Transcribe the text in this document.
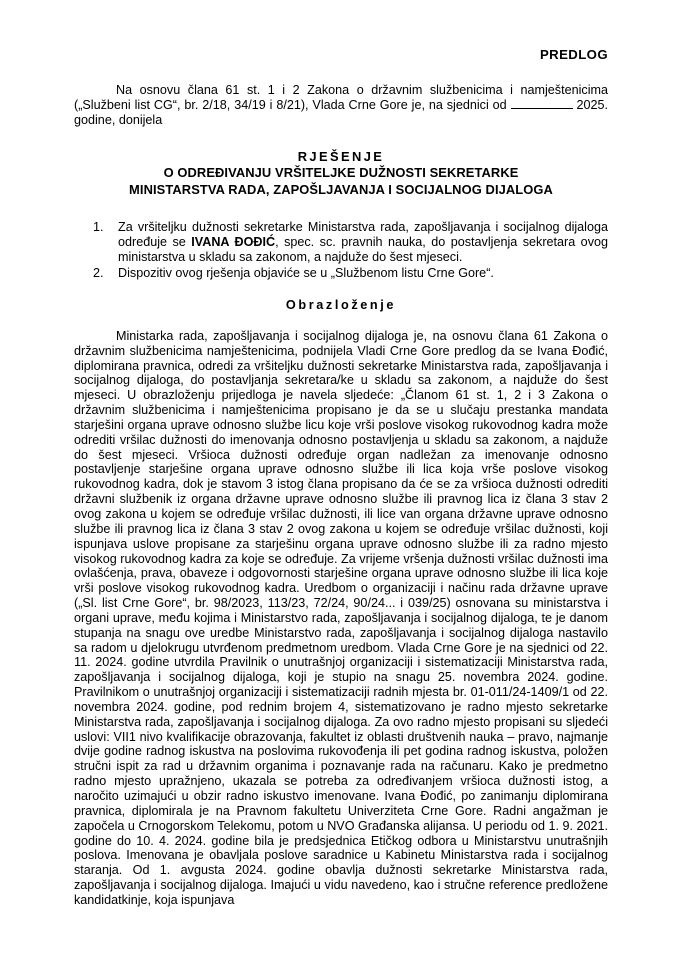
PREDLOG

Na osnovu člana 61 st. 1 i 2 Zakona o državnim službenicima i namještenicima („Službeni list CG“, br. 2/18, 34/19 i 8/21), Vlada Crne Gore je, na sjednici od	2025. godine, donijela

RJEŠENJE
O ODREĐIVANJU VRŠITELJKE DUŽNOSTI SEKRETARKE
MINISTARSTVA RADA, ZAPOŠLJAVANJA I SOCIJALNOG DIJALOGA
Za vršiteljku dužnosti sekretarke Ministarstva rada, zapošljavanja i socijalnog dijaloga određuje se IVANA ĐOĐIĆ, spec. sc. pravnih nauka, do postavljenja sekretara ovog ministarstva u skladu sa zakonom, a najduže do šest mjeseci.
Dispozitiv ovog rješenja objaviće se u „Službenom listu Crne Gore“.
Obrazloženje

Ministarka rada, zapošljavanja i socijalnog dijaloga je, na osnovu člana 61 Zakona o državnim službenicima namještenicima, podnijela Vladi Crne Gore predlog da se Ivana Đođić, diplomirana pravnica, odredi za vršiteljku dužnosti sekretarke Ministarstva rada, zapošljavanja i socijalnog dijaloga, do postavljanja sekretara/ke u skladu sa zakonom, a najduže do šest mjeseci. U obrazloženju prijedloga je navela sljedeće: „Članom 61 st. 1, 2 i 3 Zakona o državnim službenicima i namještenicima propisano je da se u slučaju prestanka mandata starješini organa uprave odnosno službe licu koje vrši poslove visokog rukovodnog kadra može odrediti vršilac dužnosti do imenovanja odnosno postavljenja u skladu sa zakonom, a najduže do šest mjeseci. Vršioca dužnosti određuje organ nadležan za imenovanje odnosno postavljenje starješine organa uprave odnosno službe ili lica koja vrše poslove visokog rukovodnog kadra, dok je stavom 3 istog člana propisano da će se za vršioca dužnosti odrediti državni službenik iz organa državne uprave odnosno službe ili pravnog lica iz člana 3 stav 2 ovog zakona u kojem se određuje vršilac dužnosti, ili lice van organa državne uprave odnosno službe ili pravnog lica iz člana 3 stav 2 ovog zakona u kojem se određuje vršilac dužnosti, koji ispunjava uslove propisane za starješinu organa uprave odnosno službe ili za radno mjesto visokog rukovodnog kadra za koje se određuje. Za vrijeme vršenja dužnosti vršilac dužnosti ima ovlašćenja, prava, obaveze i odgovornosti starješine organa uprave odnosno službe ili lica koje vrši poslove visokog rukovodnog kadra. Uredbom o organizaciji i načinu rada državne uprave („Sl. list Crne Gore“, br. 98/2023, 113/23, 72/24, 90/24... i 039/25) osnovana su ministarstva i organi uprave, među kojima i Ministarstvo rada, zapošljavanja i socijalnog dijaloga, te je danom stupanja na snagu ove uredbe Ministarstvo rada, zapošljavanja i socijalnog dijaloga nastavilo sa radom u djelokrugu utvrđenom predmetnom uredbom. Vlada Crne Gore je na sjednici od 22. 11. 2024. godine utvrdila Pravilnik o unutrašnjoj organizaciji i sistematizaciji Ministarstva rada, zapošljavanja i socijalnog dijaloga, koji je stupio na snagu 25. novembra 2024. godine. Pravilnikom o unutrašnjoj organizaciji i sistematizaciji radnih mjesta br. 01-011/24-1409/1 od 22. novembra 2024. godine, pod rednim brojem 4, sistematizovano je radno mjesto sekretarke Ministarstva rada, zapošljavanja i socijalnog dijaloga. Za ovo radno mjesto propisani su sljedeći uslovi: VII1 nivo kvalifikacije obrazovanja, fakultet iz oblasti društvenih nauka – pravo, najmanje dvije godine radnog iskustva na poslovima rukovođenja ili pet godina radnog iskustva, položen stručni ispit za rad u državnim organima i poznavanje rada na računaru. Kako je predmetno radno mjesto upražnjeno, ukazala se potreba za određivanjem vršioca dužnosti istog, a naročito uzimajući u obzir radno iskustvo imenovane. Ivana Đođić, po zanimanju diplomirana pravnica, diplomirala je na Pravnom fakultetu Univerziteta Crne Gore. Radni angažman je započela u Crnogorskom Telekomu, potom u NVO Građanska alijansa. U periodu od 1. 9. 2021. godine do 10. 4. 2024. godine bila je predsjednica Etičkog odbora u Ministarstvu unutrašnjih poslova. Imenovana je obavljala poslove saradnice u Kabinetu Ministarstva rada i socijalnog staranja. Od 1. avgusta 2024. godine obavlja dužnosti sekretarke Ministarstva rada, zapošljavanja i socijalnog dijaloga. Imajući u vidu navedeno, kao i stručne reference predložene kandidatkinje, koja ispunjava
